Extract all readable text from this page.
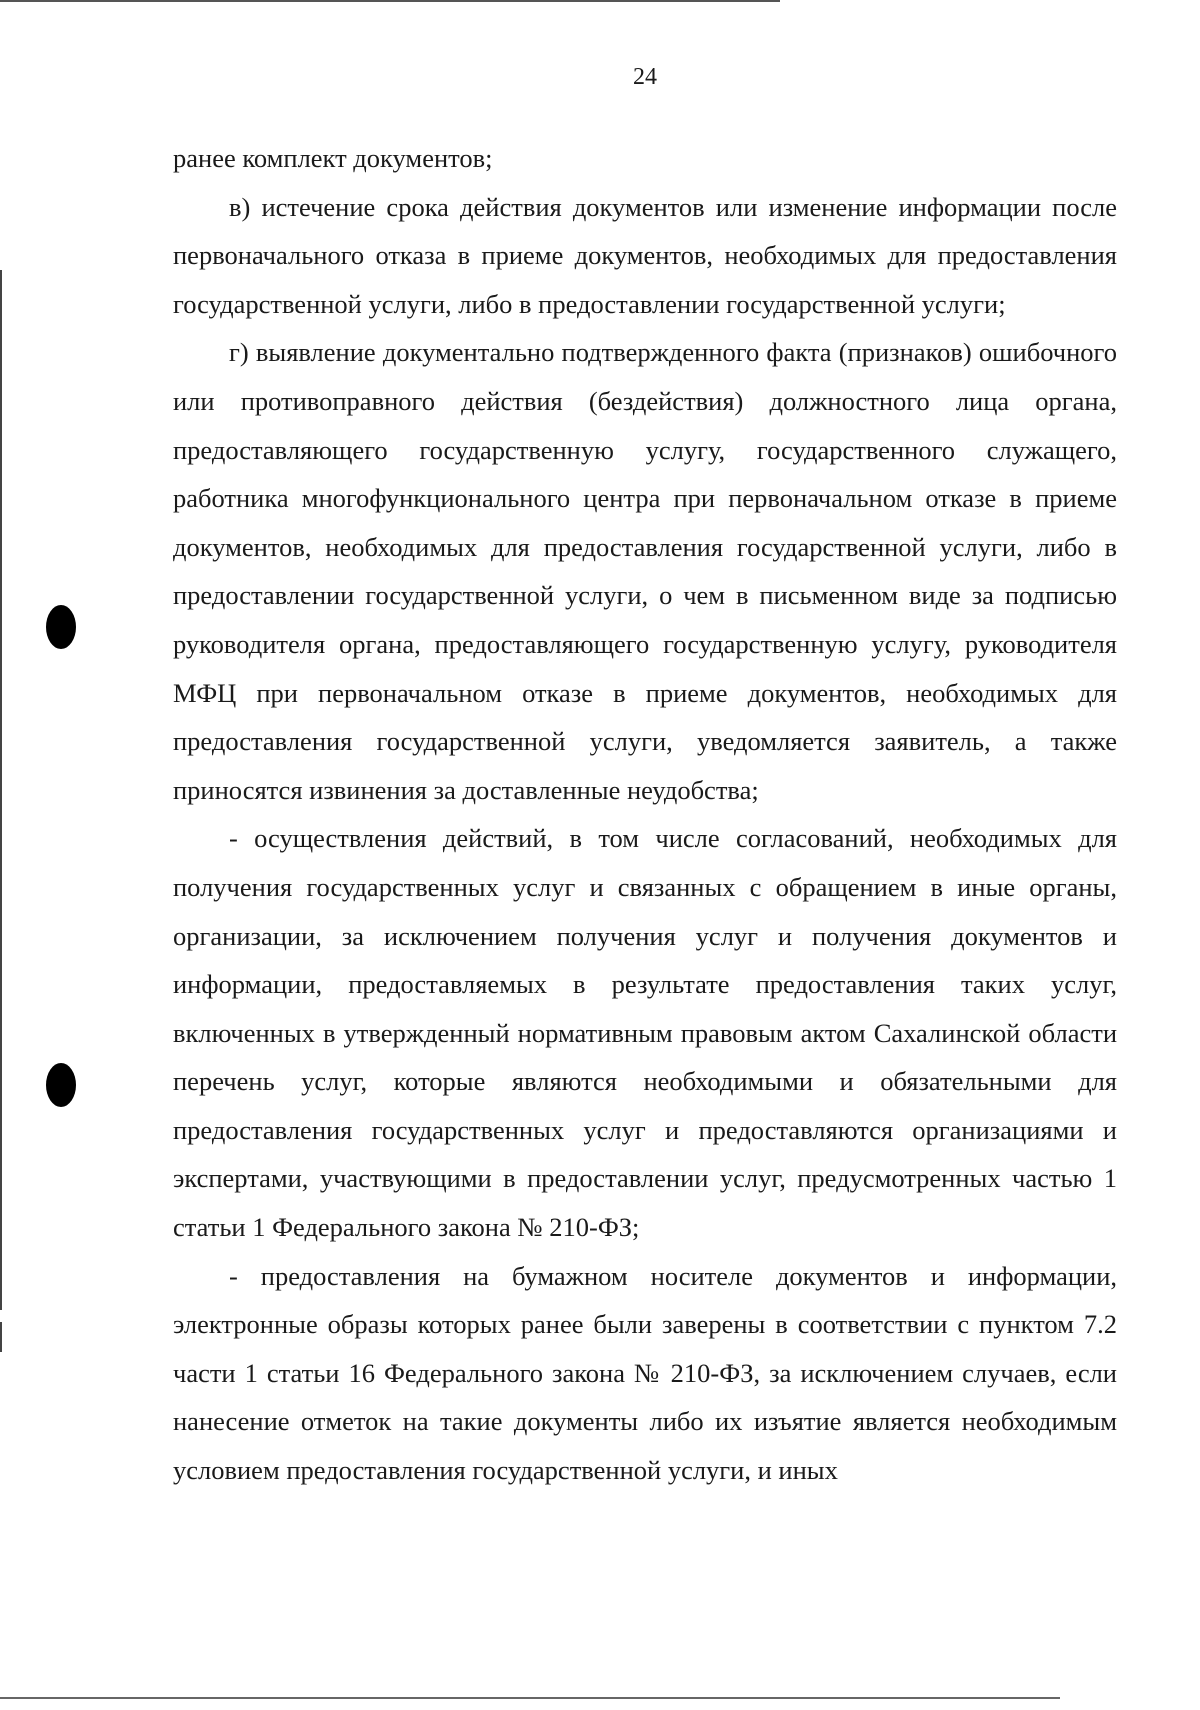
24

ранее комплект документов;

в) истечение срока действия документов или изменение информации после первоначального отказа в приеме документов, необходимых для предоставления государственной услуги, либо в предоставлении государственной услуги;

г) выявление документально подтвержденного факта (признаков) ошибочного или противоправного действия (бездействия) должностного лица органа, предоставляющего государственную услугу, государственного служащего, работника многофункционального центра при первоначальном отказе в приеме документов, необходимых для предоставления государственной услуги, либо в предоставлении государственной услуги, о чем в письменном виде за подписью руководителя органа, предоставляющего государственную услугу, руководителя МФЦ при первоначальном отказе в приеме документов, необходимых для предоставления государственной услуги, уведомляется заявитель, а также приносятся извинения за доставленные неудобства;

- осуществления действий, в том числе согласований, необходимых для получения государственных услуг и связанных с обращением в иные органы, организации, за исключением получения услуг и получения документов и информации, предоставляемых в результате предоставления таких услуг, включенных в утвержденный нормативным правовым актом Сахалинской области перечень услуг, которые являются необходимыми и обязательными для предоставления государственных услуг и предоставляются организациями и экспертами, участвующими в предоставлении услуг, предусмотренных частью 1 статьи 1 Федерального закона № 210-ФЗ;

- предоставления на бумажном носителе документов и информации, электронные образы которых ранее были заверены в соответствии с пунктом 7.2 части 1 статьи 16 Федерального закона № 210-ФЗ, за исключением случаев, если нанесение отметок на такие документы либо их изъятие является необходимым условием предоставления государственной услуги, и иных
